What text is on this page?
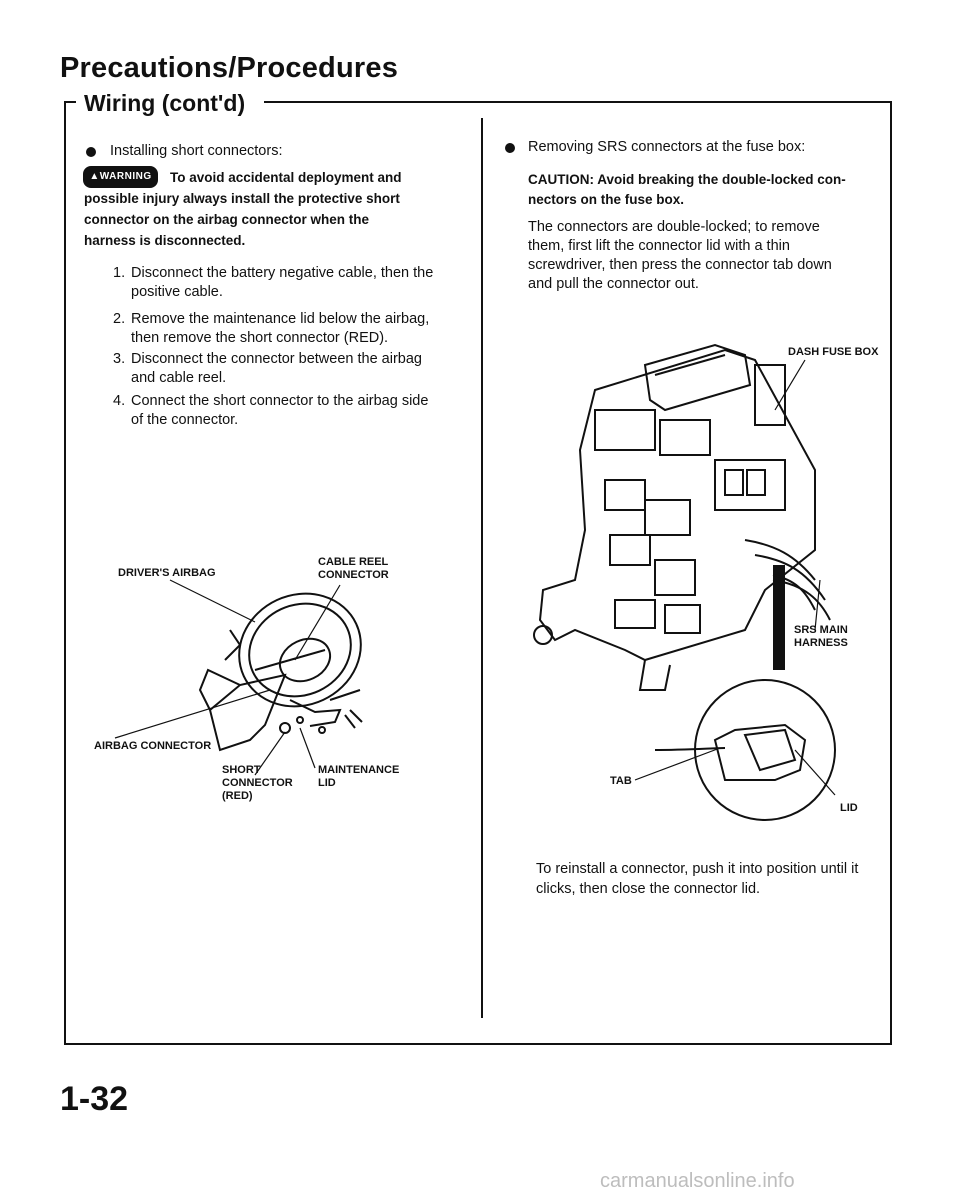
Precautions/Procedures
Wiring (cont'd)
Installing short connectors:
▲WARNING	To avoid accidental deployment and
possible injury always install the protective short
connector on the airbag connector when the
harness is disconnected.
1. Disconnect the battery negative cable, then the
positive cable.
2. Remove the maintenance lid below the airbag,
then remove the short connector (RED).
3. Disconnect the connector between the airbag
and cable reel.
4. Connect the short connector to the airbag side
of the connector.
DRIVER'S AIRBAG
CABLE REEL
CONNECTOR
AIRBAG CONNECTOR
SHORT
CONNECTOR
(RED)
MAINTENANCE
LID
Removing SRS connectors at the fuse box:
CAUTION: Avoid breaking the double-locked con-
nectors on the fuse box.
The connectors are double-locked; to remove
them, first lift the connector lid with a thin
screwdriver, then press the connector tab down
and pull the connector out.
DASH FUSE BOX
SRS MAIN
HARNESS
TAB
LID
To reinstall a connector, push it into position until it
clicks, then close the connector lid.
1-32
carmanualsonline.info
